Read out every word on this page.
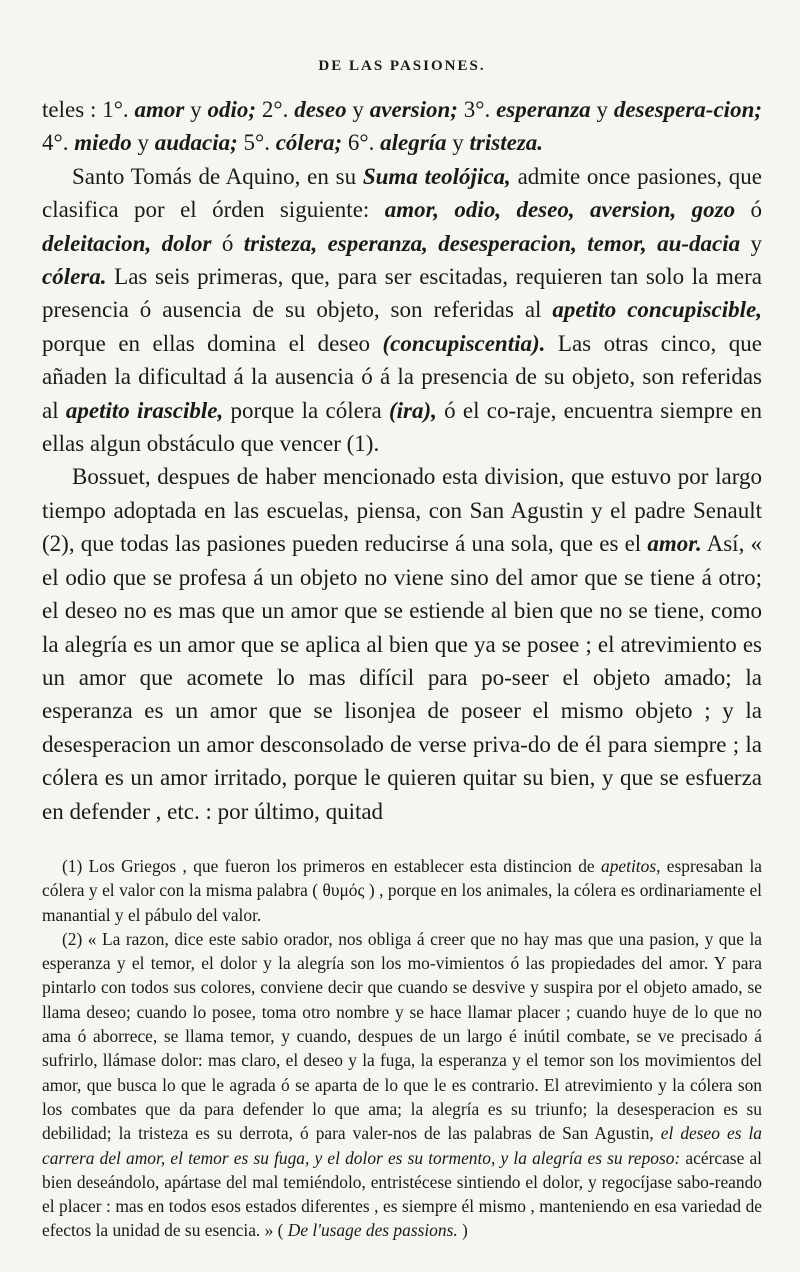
DE LAS PASIONES.

teles : 1°. amor y odio; 2°. deseo y aversion; 3°. esperanza y desespera-cion; 4°. miedo y audacia; 5°. cólera; 6°. alegría y tristeza.

Santo Tomás de Aquino, en su Suma teolójica, admite once pasiones, que clasifica por el órden siguiente: amor, odio, deseo, aversion, gozo ó deleitacion, dolor ó tristeza, esperanza, desesperacion, temor, au-dacia y cólera. Las seis primeras, que, para ser escitadas, requieren tan solo la mera presencia ó ausencia de su objeto, son referidas al apetito concupiscible, porque en ellas domina el deseo (concupiscentia). Las otras cinco, que añaden la dificultad á la ausencia ó á la presencia de su objeto, son referidas al apetito irascible, porque la cólera (ira), ó el co-raje, encuentra siempre en ellas algun obstáculo que vencer (1).

Bossuet, despues de haber mencionado esta division, que estuvo por largo tiempo adoptada en las escuelas, piensa, con San Agustin y el padre Senault (2), que todas las pasiones pueden reducirse á una sola, que es el amor. Así, « el odio que se profesa á un objeto no viene sino del amor que se tiene á otro; el deseo no es mas que un amor que se estiende al bien que no se tiene, como la alegría es un amor que se aplica al bien que ya se posee ; el atrevimiento es un amor que acomete lo mas difícil para po-seer el objeto amado; la esperanza es un amor que se lisonjea de poseer el mismo objeto ; y la desesperacion un amor desconsolado de verse priva-do de él para siempre ; la cólera es un amor irritado, porque le quieren quitar su bien, y que se esfuerza en defender , etc. : por último, quitad

(1) Los Griegos , que fueron los primeros en establecer esta distincion de apetitos, espresaban la cólera y el valor con la misma palabra ( θυμός ) , porque en los animales, la cólera es ordinariamente el manantial y el pábulo del valor.

(2) « La razon, dice este sabio orador, nos obliga á creer que no hay mas que una pasion, y que la esperanza y el temor, el dolor y la alegría son los mo-vimientos ó las propiedades del amor. Y para pintarlo con todos sus colores, conviene decir que cuando se desvive y suspira por el objeto amado, se llama deseo; cuando lo posee, toma otro nombre y se hace llamar placer ; cuando huye de lo que no ama ó aborrece, se llama temor, y cuando, despues de un largo é inútil combate, se ve precisado á sufrirlo, llámase dolor: mas claro, el deseo y la fuga, la esperanza y el temor son los movimientos del amor, que busca lo que le agrada ó se aparta de lo que le es contrario. El atrevimiento y la cólera son los combates que da para defender lo que ama; la alegría es su triunfo; la desesperacion es su debilidad; la tristeza es su derrota, ó para valer-nos de las palabras de San Agustin, el deseo es la carrera del amor, el temor es su fuga, y el dolor es su tormento, y la alegría es su reposo: acércase al bien deseándolo, apártase del mal temiéndolo, entristécese sintiendo el dolor, y regocíjase sabo-reando el placer : mas en todos esos estados diferentes , es siempre él mismo , manteniendo en esa variedad de efectos la unidad de su esencia. » ( De l'usage des passions. )
